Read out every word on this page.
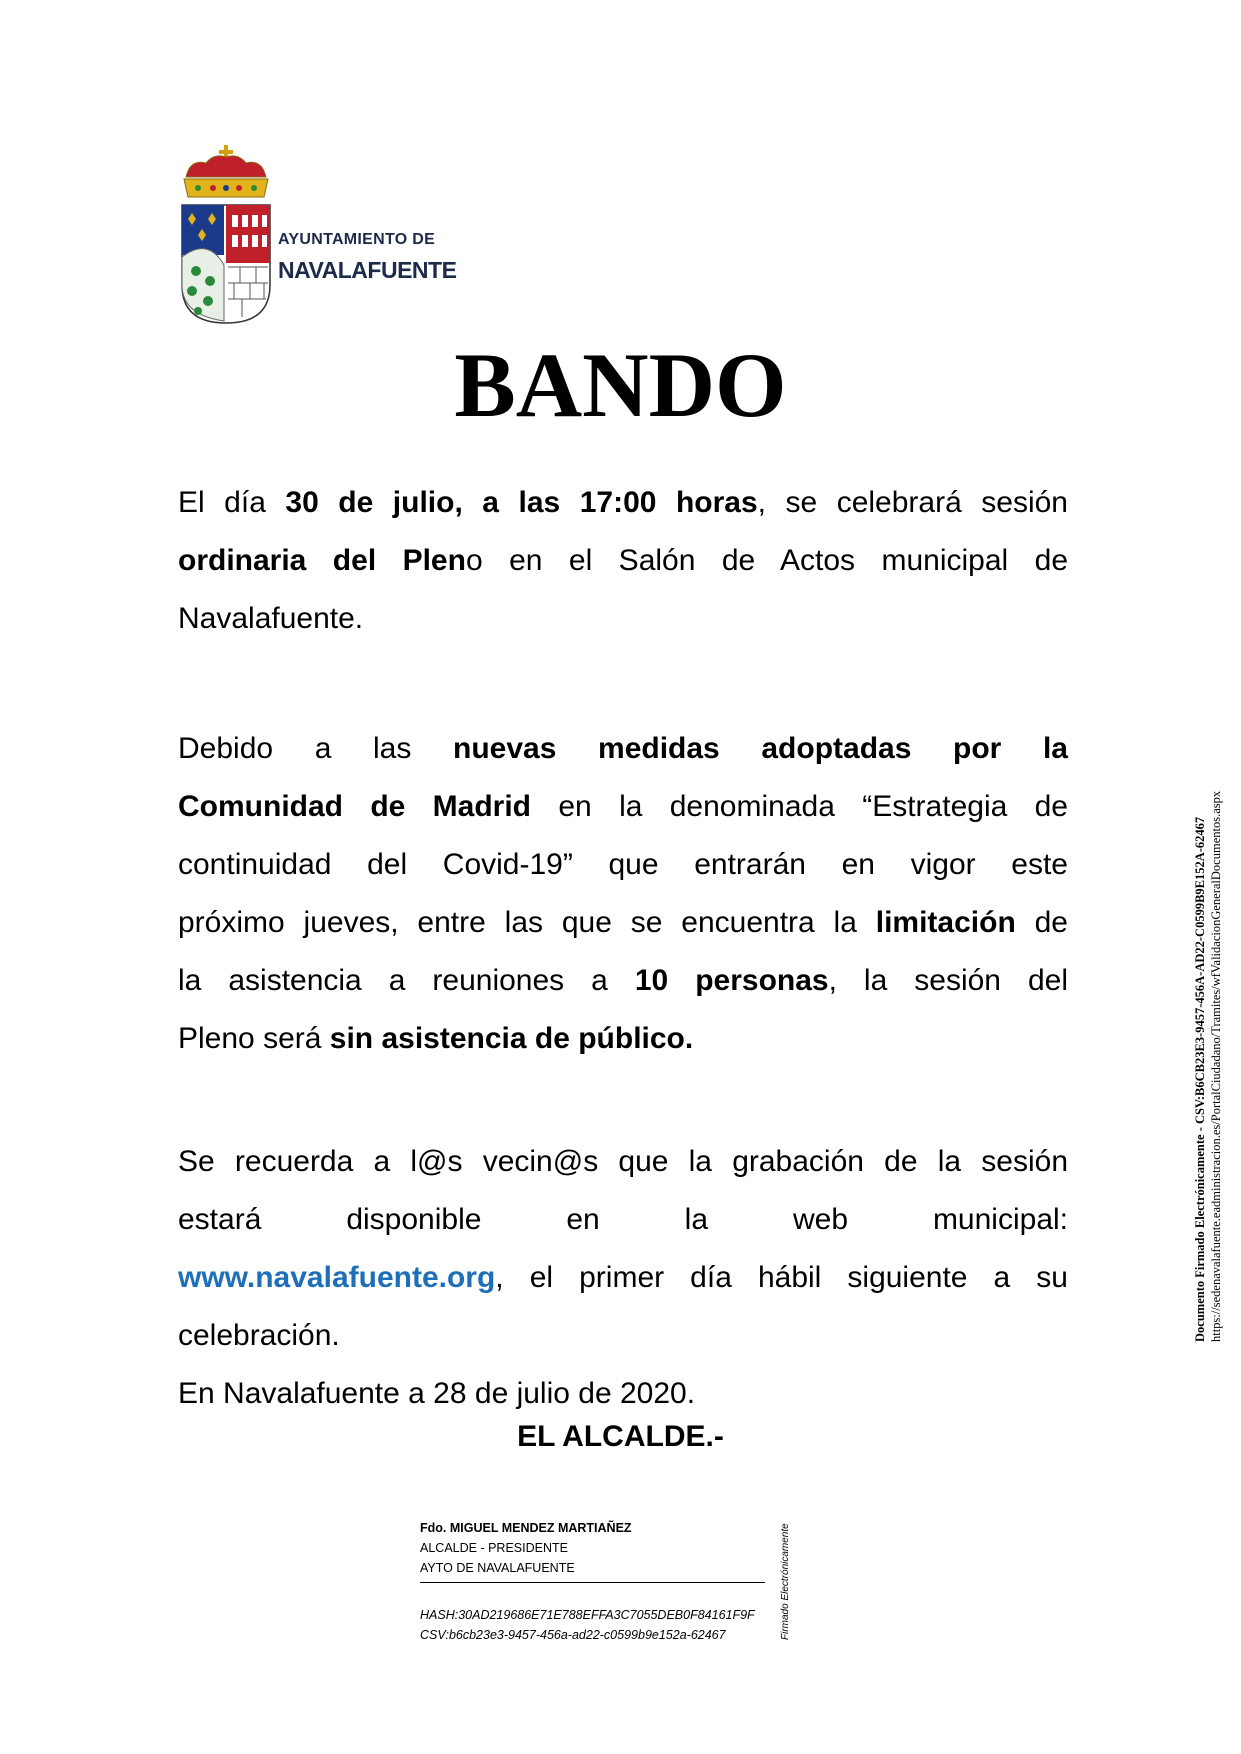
AYUNTAMIENTO DE
NAVALAFUENTE
BANDO
El día 30 de julio, a las 17:00 horas, se celebrará sesión
ordinaria del Pleno en el Salón de Actos municipal de
Navalafuente.
Debido a las nuevas medidas adoptadas por la
Comunidad de Madrid en la denominada “Estrategia de
continuidad del Covid-19” que entrarán en vigor este
próximo jueves, entre las que se encuentra la limitación de
la asistencia a reuniones a 10 personas, la sesión del
Pleno será sin asistencia de público.
Se recuerda a l@s vecin@s que la grabación de la sesión
estará disponible en la web municipal:
www.navalafuente.org, el primer día hábil siguiente a su
celebración.
En Navalafuente a 28 de julio de 2020.
EL ALCALDE.-
Fdo. MIGUEL MENDEZ MARTIAÑEZ
ALCALDE - PRESIDENTE
AYTO DE NAVALAFUENTE
HASH:30AD219686E71E788EFFA3C7055DEB0F84161F9F
CSV:b6cb23e3-9457-456a-ad22-c0599b9e152a-62467	Firmado Electrónicamente
Documento Firmado Electrónicamente - CSV:B6CB23E3-9457-456A-AD22-C0599B9E152A-62467 https://sedenavalafuente.eadministracion.es/PortalCiudadano/Tramites/wfValidacionGeneralDocumentos.aspx
